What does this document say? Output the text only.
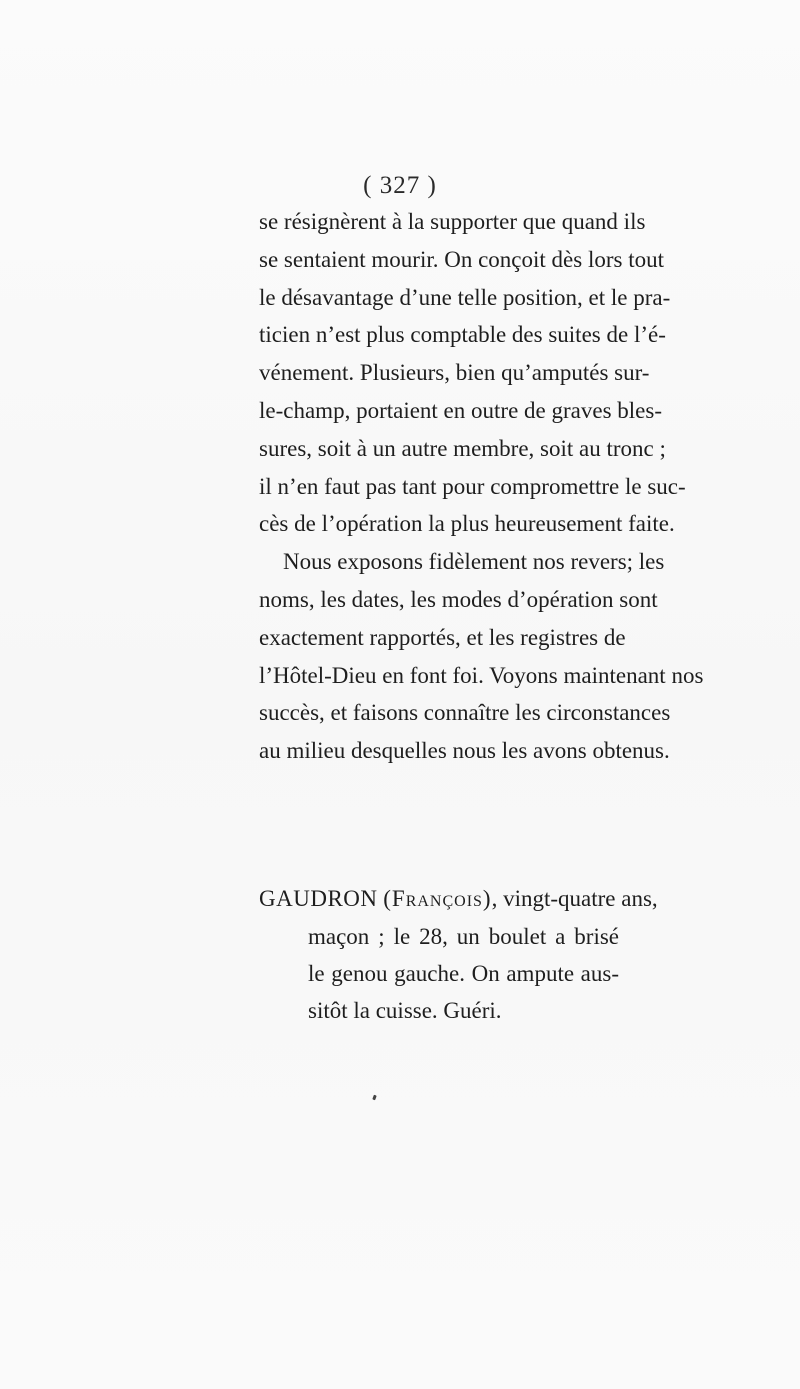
( 327 )
se résignèrent à la supporter que quand ils
se sentaient mourir. On conçoit dès lors tout
le désavantage d’une telle position, et le pra-
ticien n’est plus comptable des suites de l’é-
vénement. Plusieurs, bien qu’amputés sur-
le-champ, portaient en outre de graves bles-
sures, soit à un autre membre, soit au tronc ;
il n’en faut pas tant pour compromettre le suc-
cès de l’opération la plus heureusement faite.
Nous exposons fidèlement nos revers; les
noms, les dates, les modes d’opération sont
exactement rapportés, et les registres de
l’Hôtel-Dieu en font foi. Voyons maintenant nos
succès, et faisons connaître les circonstances
au milieu desquelles nous les avons obtenus.
GAUDRON (François), vingt-quatre ans,
maçon ; le 28, un boulet a brisé
le genou gauche. On ampute aus-
sitôt la cuisse. Guéri.
